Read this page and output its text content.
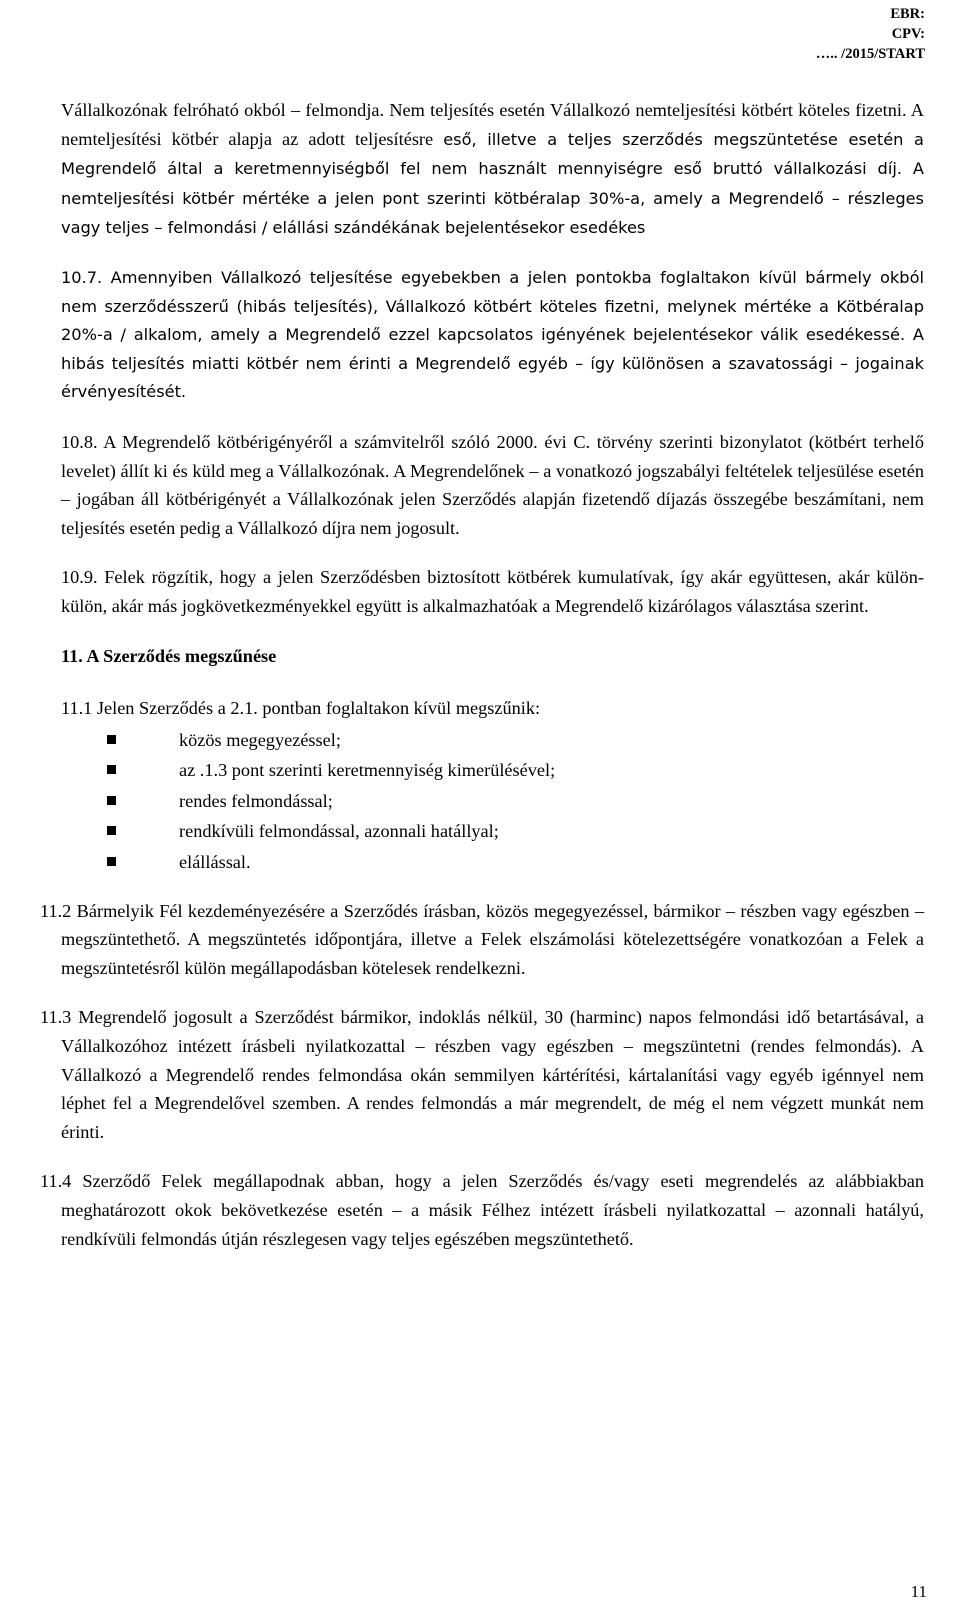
EBR:
CPV:
….. /2015/START

Vállalkozónak felróható okból – felmondja. Nem teljesítés esetén Vállalkozó nemteljesítési kötbért köteles fizetni. A nemteljesítési kötbér alapja az adott teljesítésre eső, illetve a teljes szerződés megszüntetése esetén a Megrendelő által a keretmennyiségből fel nem használt mennyiségre eső bruttó vállalkozási díj. A nemteljesítési kötbér mértéke a jelen pont szerinti kötbéralap 30%-a, amely a Megrendelő – részleges vagy teljes – felmondási / elállási szándékának bejelentésekor esedékes

10.7. Amennyiben Vállalkozó teljesítése egyebekben a jelen pontokba foglaltakon kívül bármely okból nem szerződésszerű (hibás teljesítés), Vállalkozó kötbért köteles fizetni, melynek mértéke a Kötbéralap 20%-a / alkalom, amely a Megrendelő ezzel kapcsolatos igényének bejelentésekor válik esedékessé. A hibás teljesítés miatti kötbér nem érinti a Megrendelő egyéb – így különösen a szavatossági – jogainak érvényesítését.

10.8. A Megrendelő kötbérigényéről a számvitelről szóló 2000. évi C. törvény szerinti bizonylatot (kötbért terhelő levelet) állít ki és küld meg a Vállalkozónak. A Megrendelőnek – a vonatkozó jogszabályi feltételek teljesülése esetén – jogában áll kötbérigényét a Vállalkozónak jelen Szerződés alapján fizetendő díjazás összegébe beszámítani, nem teljesítés esetén pedig a Vállalkozó díjra nem jogosult.

10.9. Felek rögzítik, hogy a jelen Szerződésben biztosított kötbérek kumulatívak, így akár együttesen, akár külön-külön, akár más jogkövetkezményekkel együtt is alkalmazhatóak a Megrendelő kizárólagos választása szerint.

11. A Szerződés megszűnése

11.1 Jelen Szerződés a 2.1. pontban foglaltakon kívül megszűnik:

közös megegyezéssel;
az .1.3 pont szerinti keretmennyiség kimerülésével;
rendes felmondással;
rendkívüli felmondással, azonnali hatállyal;
elállással.

11.2 Bármelyik Fél kezdeményezésére a Szerződés írásban, közös megegyezéssel, bármikor – részben vagy egészben – megszüntethető. A megszüntetés időpontjára, illetve a Felek elszámolási kötelezettségére vonatkozóan a Felek a megszüntetésről külön megállapodásban kötelesek rendelkezni.

11.3 Megrendelő jogosult a Szerződést bármikor, indoklás nélkül, 30 (harminc) napos felmondási idő betartásával, a Vállalkozóhoz intézett írásbeli nyilatkozattal – részben vagy egészben – megszüntetni (rendes felmondás). A Vállalkozó a Megrendelő rendes felmondása okán semmilyen kártérítési, kártalanítási vagy egyéb igénnyel nem léphet fel a Megrendelővel szemben. A rendes felmondás a már megrendelt, de még el nem végzett munkát nem érinti.

11.4 Szerződő Felek megállapodnak abban, hogy a jelen Szerződés és/vagy eseti megrendelés az alábbiakban meghatározott okok bekövetkezése esetén – a másik Félhez intézett írásbeli nyilatkozattal – azonnali hatályú, rendkívüli felmondás útján részlegesen vagy teljes egészében megszüntethető.

11
